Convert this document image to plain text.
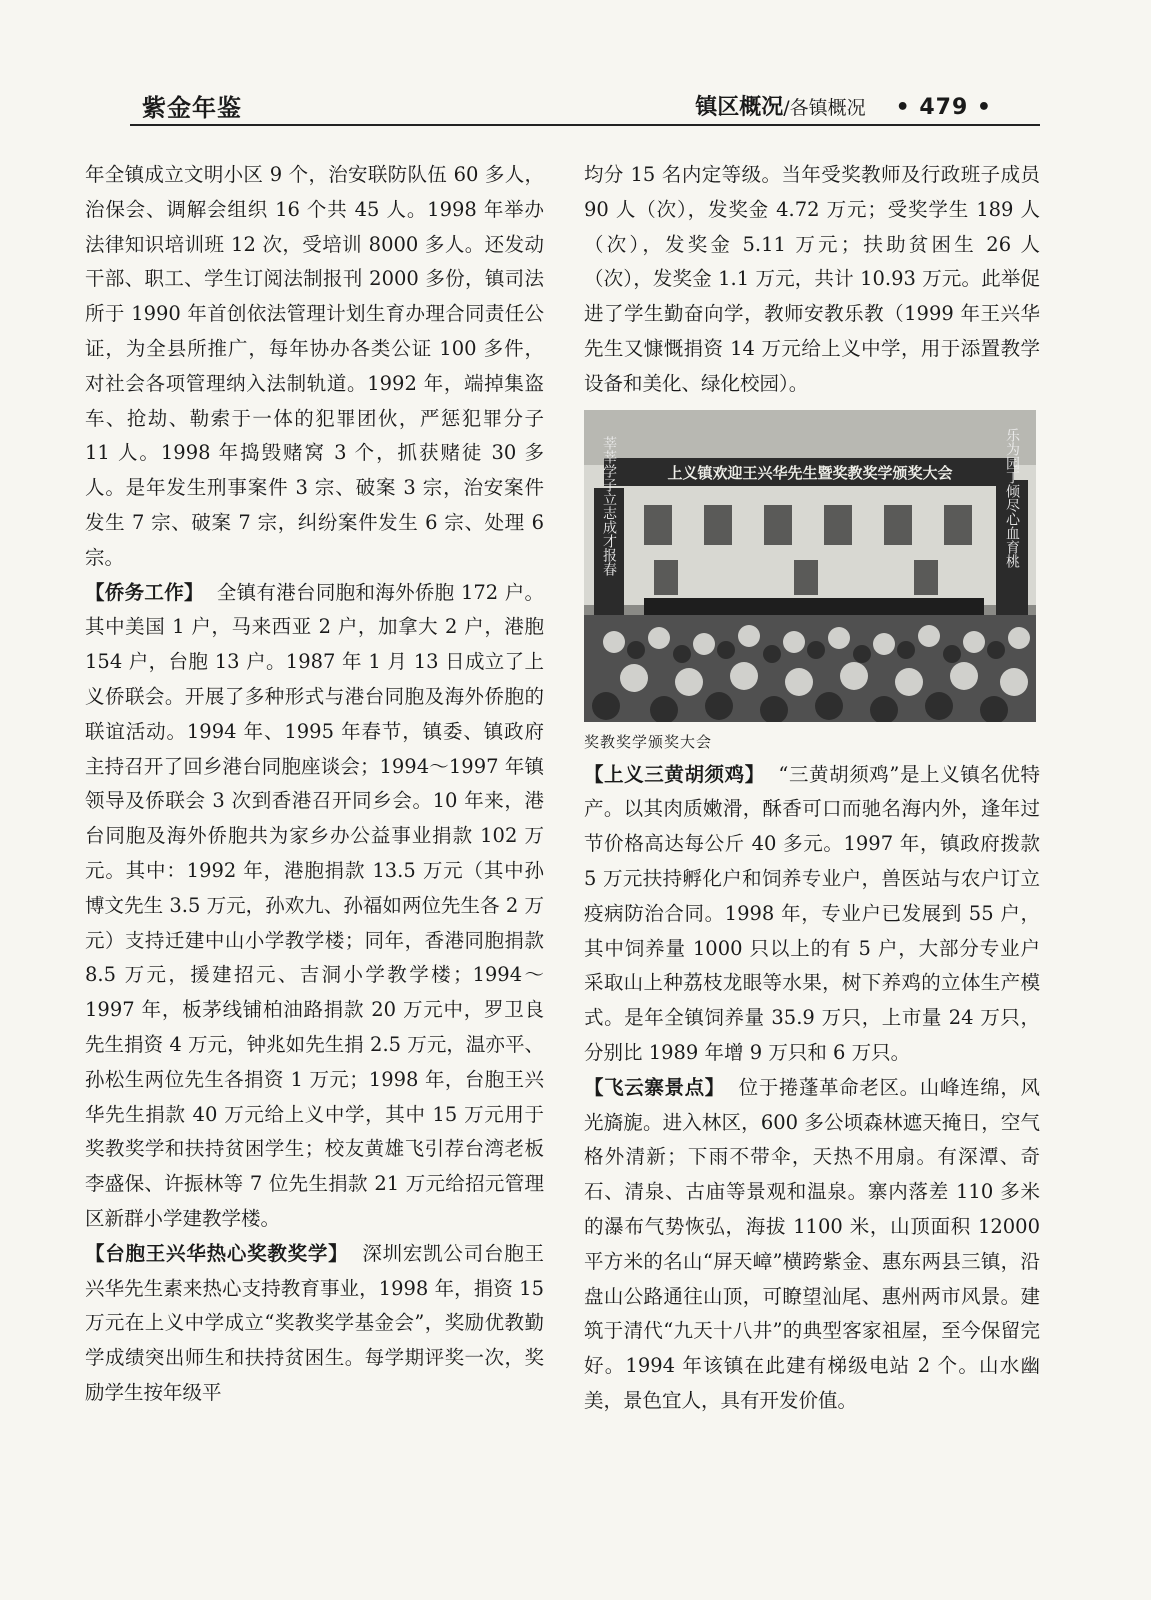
紫金年鉴	镇区概况/各镇概况 • 479 •

年全镇成立文明小区 9 个，治安联防队伍 60 多人，治保会、调解会组织 16 个共 45 人。1998 年举办法律知识培训班 12 次，受培训 8000 多人。还发动干部、职工、学生订阅法制报刊 2000 多份，镇司法所于 1990 年首创依法管理计划生育办理合同责任公证，为全县所推广，每年协办各类公证 100 多件，对社会各项管理纳入法制轨道。1992 年，端掉集盗车、抢劫、勒索于一体的犯罪团伙，严惩犯罪分子 11 人。1998 年捣毁赌窝 3 个，抓获赌徒 30 多人。是年发生刑事案件 3 宗、破案 3 宗，治安案件发生 7 宗、破案 7 宗，纠纷案件发生 6 宗、处理 6 宗。

【侨务工作】 全镇有港台同胞和海外侨胞 172 户。其中美国 1 户，马来西亚 2 户，加拿大 2 户，港胞 154 户，台胞 13 户。1987 年 1 月 13 日成立了上义侨联会。开展了多种形式与港台同胞及海外侨胞的联谊活动。1994 年、1995 年春节，镇委、镇政府主持召开了回乡港台同胞座谈会；1994～1997 年镇领导及侨联会 3 次到香港召开同乡会。10 年来，港台同胞及海外侨胞共为家乡办公益事业捐款 102 万元。其中：1992 年，港胞捐款 13.5 万元（其中孙博文先生 3.5 万元，孙欢九、孙福如两位先生各 2 万元）支持迁建中山小学教学楼；同年，香港同胞捐款 8.5 万元，援建招元、吉洞小学教学楼；1994～1997 年，板茅线铺柏油路捐款 20 万元中，罗卫良先生捐资 4 万元，钟兆如先生捐 2.5 万元，温亦平、孙松生两位先生各捐资 1 万元；1998 年，台胞王兴华先生捐款 40 万元给上义中学，其中 15 万元用于奖教奖学和扶持贫困学生；校友黄雄飞引荐台湾老板李盛保、许振林等 7 位先生捐款 21 万元给招元管理区新群小学建教学楼。

【台胞王兴华热心奖教奖学】 深圳宏凯公司台胞王兴华先生素来热心支持教育事业，1998 年，捐资 15 万元在上义中学成立“奖教奖学基金会”，奖励优教勤学成绩突出师生和扶持贫困生。每学期评奖一次，奖励学生按年级平

均分 15 名内定等级。当年受奖教师及行政班子成员 90 人（次），发奖金 4.72 万元；受奖学生 189 人（次），发奖金 5.11 万元；扶助贫困生 26 人（次），发奖金 1.1 万元，共计 10.93 万元。此举促进了学生勤奋向学，教师安教乐教（1999 年王兴华先生又慷慨捐资 14 万元给上义中学，用于添置教学设备和美化、绿化校园）。

上义镇欢迎王兴华先生暨奖教奖学颁奖大会
莘莘学子立志成才报春	乐为园丁倾尽心血育桃

奖教奖学颁奖大会

【上义三黄胡须鸡】 “三黄胡须鸡”是上义镇名优特产。以其肉质嫩滑，酥香可口而驰名海内外，逢年过节价格高达每公斤 40 多元。1997 年，镇政府拨款 5 万元扶持孵化户和饲养专业户，兽医站与农户订立疫病防治合同。1998 年，专业户已发展到 55 户，其中饲养量 1000 只以上的有 5 户，大部分专业户采取山上种荔枝龙眼等水果，树下养鸡的立体生产模式。是年全镇饲养量 35.9 万只，上市量 24 万只，分别比 1989 年增 9 万只和 6 万只。

【飞云寨景点】 位于捲蓬革命老区。山峰连绵，风光旖旎。进入林区，600 多公顷森林遮天掩日，空气格外清新；下雨不带伞，天热不用扇。有深潭、奇石、清泉、古庙等景观和温泉。寨内落差 110 多米的瀑布气势恢弘，海拔 1100 米，山顶面积 12000 平方米的名山“屏天嶂”横跨紫金、惠东两县三镇，沿盘山公路通往山顶，可瞭望汕尾、惠州两市风景。建筑于清代“九天十八井”的典型客家祖屋，至今保留完好。1994 年该镇在此建有梯级电站 2 个。山水幽美，景色宜人，具有开发价值。
